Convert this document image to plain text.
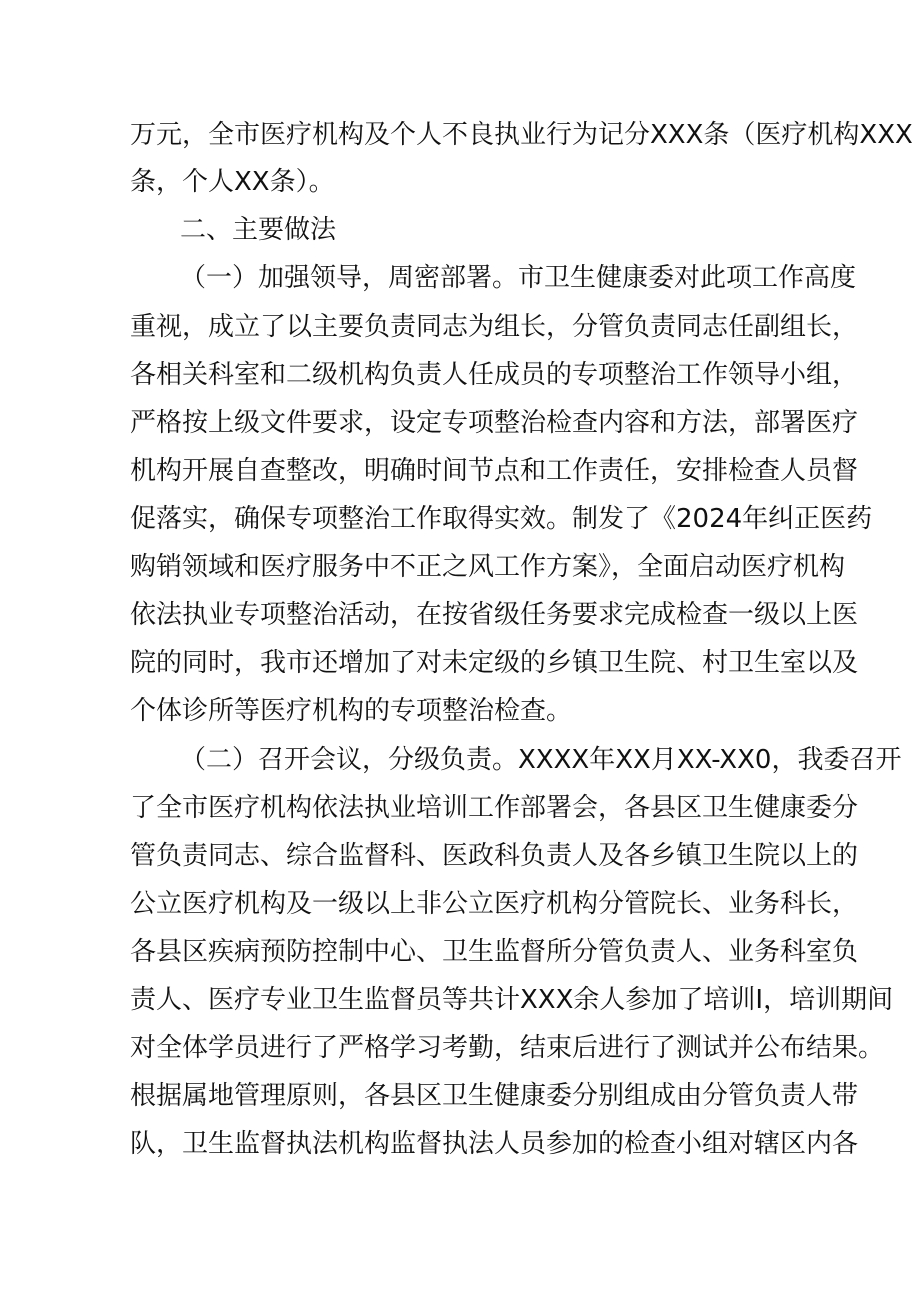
万元，全市医疗机构及个人不良执业行为记分XXX条（医疗机构XXX
条，个人XX条）。
二、主要做法
（一）加强领导，周密部署。市卫生健康委对此项工作高度
重视，成立了以主要负责同志为组长，分管负责同志任副组长，
各相关科室和二级机构负责人任成员的专项整治工作领导小组，
严格按上级文件要求，设定专项整治检查内容和方法，部署医疗
机构开展自查整改，明确时间节点和工作责任，安排检查人员督
促落实，确保专项整治工作取得实效。制发了《2024年纠正医药
购销领域和医疗服务中不正之风工作方案》，全面启动医疗机构
依法执业专项整治活动，在按省级任务要求完成检查一级以上医
院的同时，我市还增加了对未定级的乡镇卫生院、村卫生室以及
个体诊所等医疗机构的专项整治检查。
（二）召开会议，分级负责。XXXX年XX月XX-XX0，我委召开
了全市医疗机构依法执业培训工作部署会，各县区卫生健康委分
管负责同志、综合监督科、医政科负责人及各乡镇卫生院以上的
公立医疗机构及一级以上非公立医疗机构分管院长、业务科长，
各县区疾病预防控制中心、卫生监督所分管负责人、业务科室负
责人、医疗专业卫生监督员等共计XXX余人参加了培训I，培训期间
对全体学员进行了严格学习考勤，结束后进行了测试并公布结果。
根据属地管理原则，各县区卫生健康委分别组成由分管负责人带
队，卫生监督执法机构监督执法人员参加的检查小组对辖区内各
